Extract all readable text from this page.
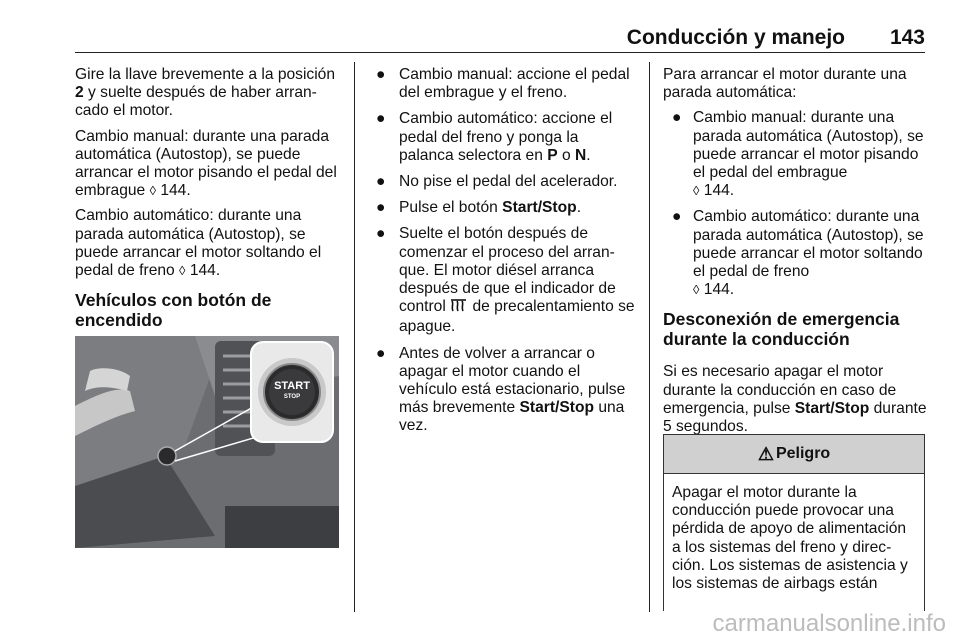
Conducción y manejo 143

Gire la llave brevemente a la posición 2 y suelte después de haber arran-cado el motor.

Cambio manual: durante una parada automática (Autostop), se puede arrancar el motor pisando el pedal del embrague ◊ 144.

Cambio automático: durante una parada automática (Autostop), se puede arrancar el motor soltando el pedal de freno ◊ 144.

Vehículos con botón de encendido
START
STOP
● Cambio manual: accione el pedal del embrague y el freno.
● Cambio automático: accione el pedal del freno y ponga la palanca selectora en P o N.
● No pise el pedal del acelerador.
● Pulse el botón Start/Stop.
● Suelte el botón después de comenzar el proceso del arran-que. El motor diésel arranca después de que el indicador de control  de precalentamiento se apague.
● Antes de volver a arrancar o apagar el motor cuando el vehículo está estacionario, pulse más brevemente Start/Stop una vez.

Para arrancar el motor durante una parada automática:

● Cambio manual: durante una parada automática (Autostop), se puede arrancar el motor pisando el pedal del embrague
◊ 144.
● Cambio automático: durante una parada automática (Autostop), se puede arrancar el motor soltando el pedal de freno
◊ 144.
Desconexión de emergencia durante la conducción

Si es necesario apagar el motor durante la conducción en caso de emergencia, pulse Start/Stop durante 5 segundos.

⚠ Peligro
Apagar el motor durante la conducción puede provocar una pérdida de apoyo de alimentación a los sistemas del freno y direc-ción. Los sistemas de asistencia y los sistemas de airbags están
carmanualsonline.info
